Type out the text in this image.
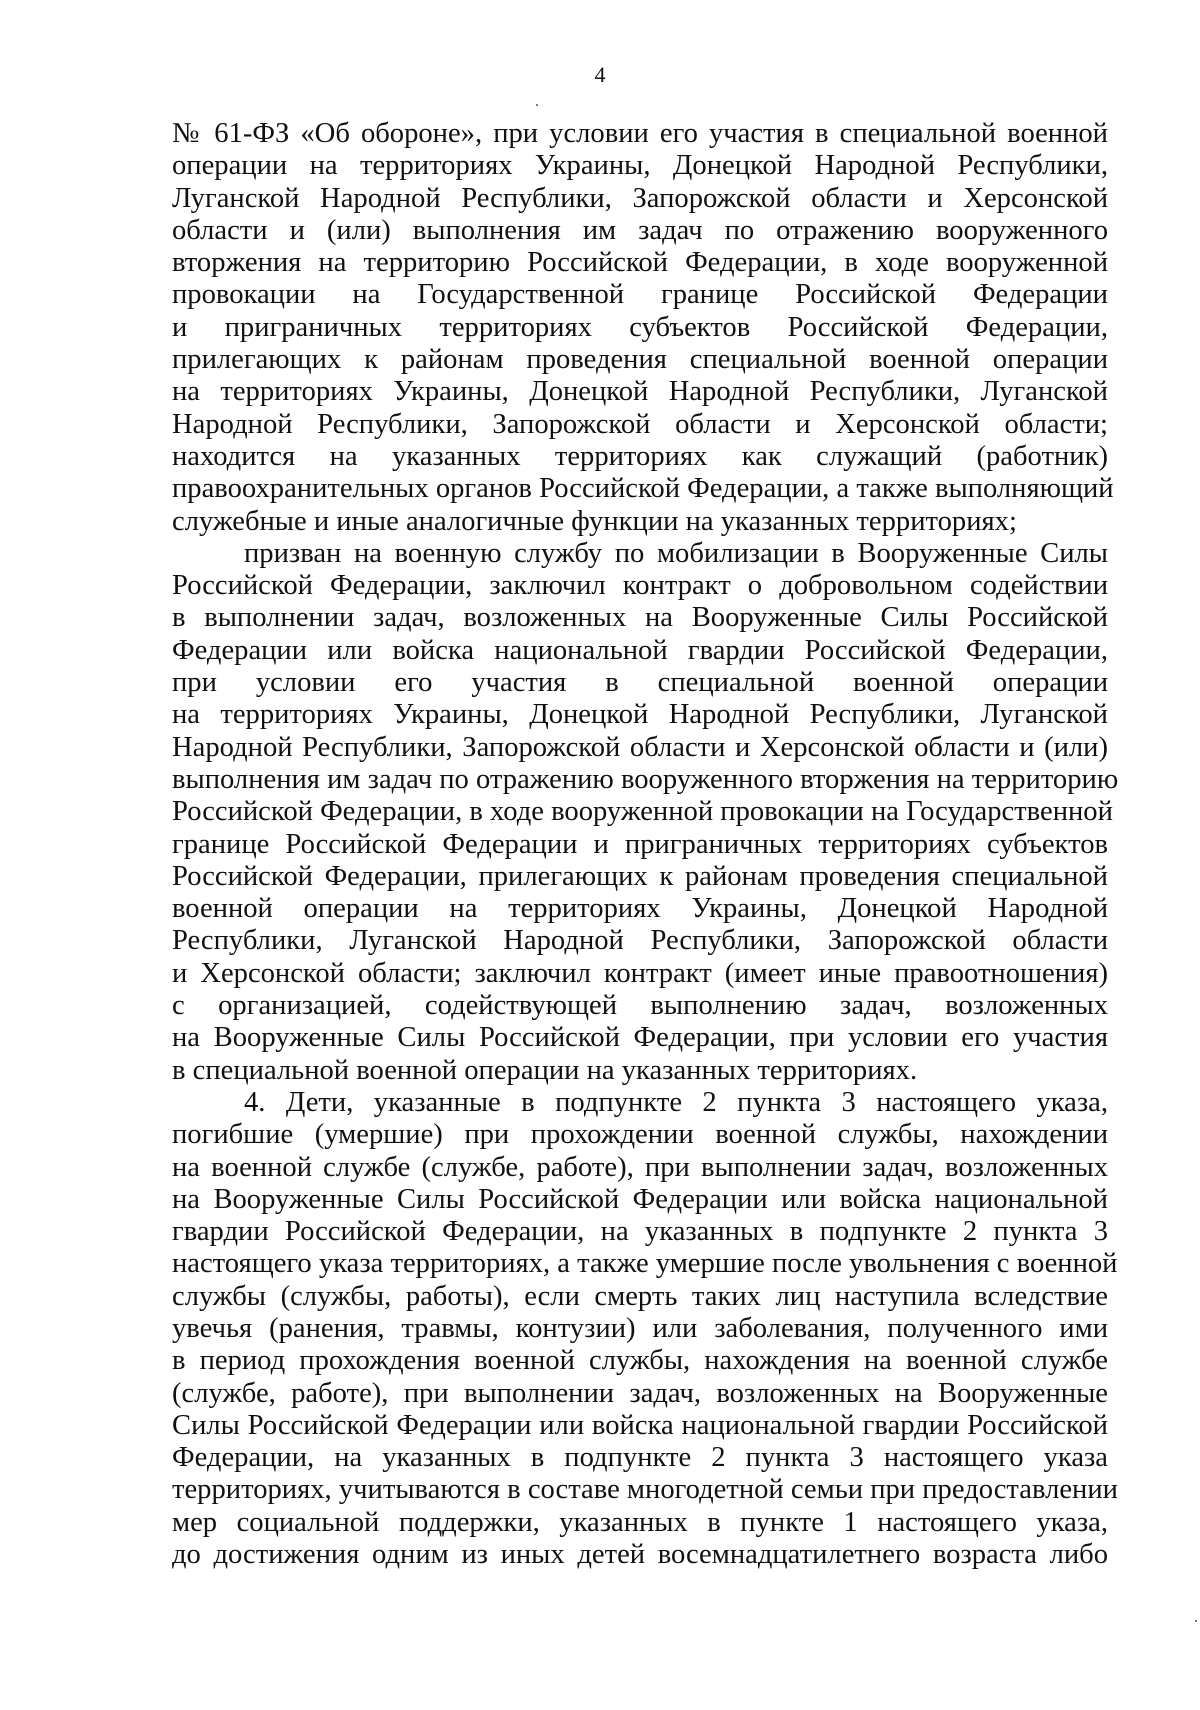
4
№ 61-ФЗ «Об обороне», при условии его участия в специальной военной
операции на территориях Украины, Донецкой Народной Республики,
Луганской Народной Республики, Запорожской области и Херсонской
области и (или) выполнения им задач по отражению вооруженного
вторжения на территорию Российской Федерации, в ходе вооруженной
провокации на Государственной границе Российской Федерации
и приграничных территориях субъектов Российской Федерации,
прилегающих к районам проведения специальной военной операции
на территориях Украины, Донецкой Народной Республики, Луганской
Народной Республики, Запорожской области и Херсонской области;
находится на указанных территориях как служащий (работник)
правоохранительных органов Российской Федерации, а также выполняющий
служебные и иные аналогичные функции на указанных территориях;
призван на военную службу по мобилизации в Вооруженные Силы
Российской Федерации, заключил контракт о добровольном содействии
в выполнении задач, возложенных на Вооруженные Силы Российской
Федерации или войска национальной гвардии Российской Федерации,
при условии его участия в специальной военной операции
на территориях Украины, Донецкой Народной Республики, Луганской
Народной Республики, Запорожской области и Херсонской области и (или)
выполнения им задач по отражению вооруженного вторжения на территорию
Российской Федерации, в ходе вооруженной провокации на Государственной
границе Российской Федерации и приграничных территориях субъектов
Российской Федерации, прилегающих к районам проведения специальной
военной операции на территориях Украины, Донецкой Народной
Республики, Луганской Народной Республики, Запорожской области
и Херсонской области; заключил контракт (имеет иные правоотношения)
с организацией, содействующей выполнению задач, возложенных
на Вооруженные Силы Российской Федерации, при условии его участия
в специальной военной операции на указанных территориях.
4. Дети, указанные в подпункте 2 пункта 3 настоящего указа,
погибшие (умершие) при прохождении военной службы, нахождении
на военной службе (службе, работе), при выполнении задач, возложенных
на Вооруженные Силы Российской Федерации или войска национальной
гвардии Российской Федерации, на указанных в подпункте 2 пункта 3
настоящего указа территориях, а также умершие после увольнения с военной
службы (службы, работы), если смерть таких лиц наступила вследствие
увечья (ранения, травмы, контузии) или заболевания, полученного ими
в период прохождения военной службы, нахождения на военной службе
(службе, работе), при выполнении задач, возложенных на Вооруженные
Силы Российской Федерации или войска национальной гвардии Российской
Федерации, на указанных в подпункте 2 пункта 3 настоящего указа
территориях, учитываются в составе многодетной семьи при предоставлении
мер социальной поддержки, указанных в пункте 1 настоящего указа,
до достижения одним из иных детей восемнадцатилетнего возраста либо
